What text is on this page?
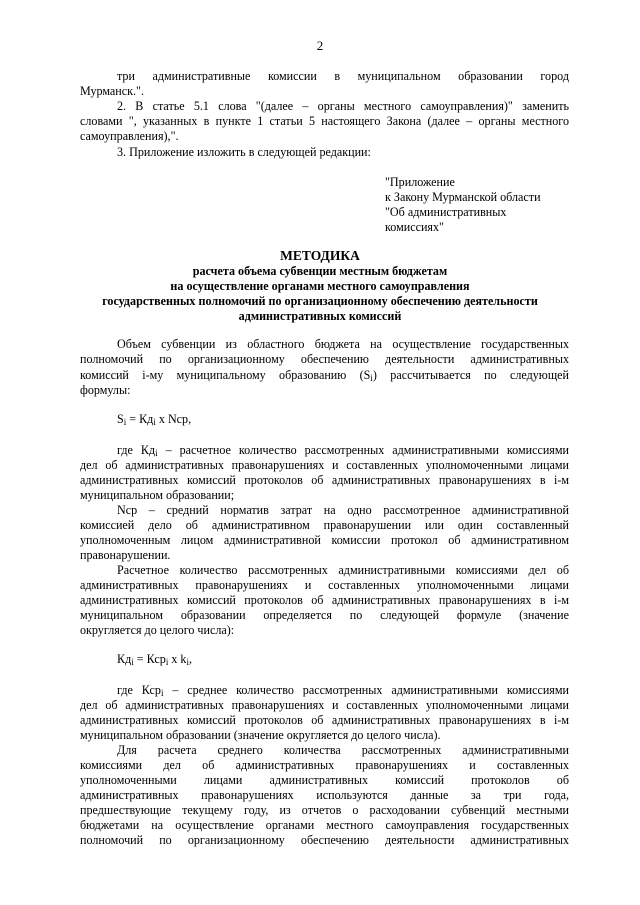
2

три административные комиссии в муниципальном образовании город

Мурманск.".

2. В статье 5.1 слова "(далее – органы местного самоуправления)" заменить

словами ", указанных в пункте 1 статьи 5 настоящего Закона (далее – органы местного

самоуправления),".

3. Приложение изложить в следующей редакции:

"Приложение

к Закону Мурманской области

"Об административных

комиссиях"

МЕТОДИКА
расчета объема субвенции местным бюджетам
на осуществление органами местного самоуправления
государственных полномочий по организационному обеспечению деятельности
административных комиссий

Объем субвенции из областного бюджета на осуществление государственных

полномочий по организационному обеспечению деятельности административных

комиссий i-му муниципальному образованию $(S_i)$ рассчитывается по следующей

формулы:

$S_i = Кд_i$ x Nср,

где $Кд_i$ – расчетное количество рассмотренных административными комиссиями

дел об административных правонарушениях и составленных уполномоченными лицами

административных комиссий протоколов об административных правонарушениях в i-м

муниципальном образовании;

Nср – средний норматив затрат на одно рассмотренное административной

комиссией дело об административном правонарушении или один составленный

уполномоченным лицом административной комиссии протокол об административном

правонарушении.

Расчетное количество рассмотренных административными комиссиями дел об

административных правонарушениях и составленных уполномоченными лицами

административных комиссий протоколов об административных правонарушениях в i-м

муниципальном образовании определяется по следующей формуле (значение

округляется до целого числа):

$Кд_i = Кср_i$ x $k_i$,

где Кср$_i$ – среднее количество рассмотренных административными комиссиями

дел об административных правонарушениях и составленных уполномоченными лицами

административных комиссий протоколов об административных правонарушениях в i-м

муниципальном образовании (значение округляется до целого числа).

Для расчета среднего количества рассмотренных административными

комиссиями дел об административных правонарушениях и составленных

уполномоченными лицами административных комиссий протоколов об

административных правонарушениях используются данные за три года,

предшествующие текущему году, из отчетов о расходовании субвенций местными

бюджетами на осуществление органами местного самоуправления государственных

полномочий по организационному обеспечению деятельности административных
